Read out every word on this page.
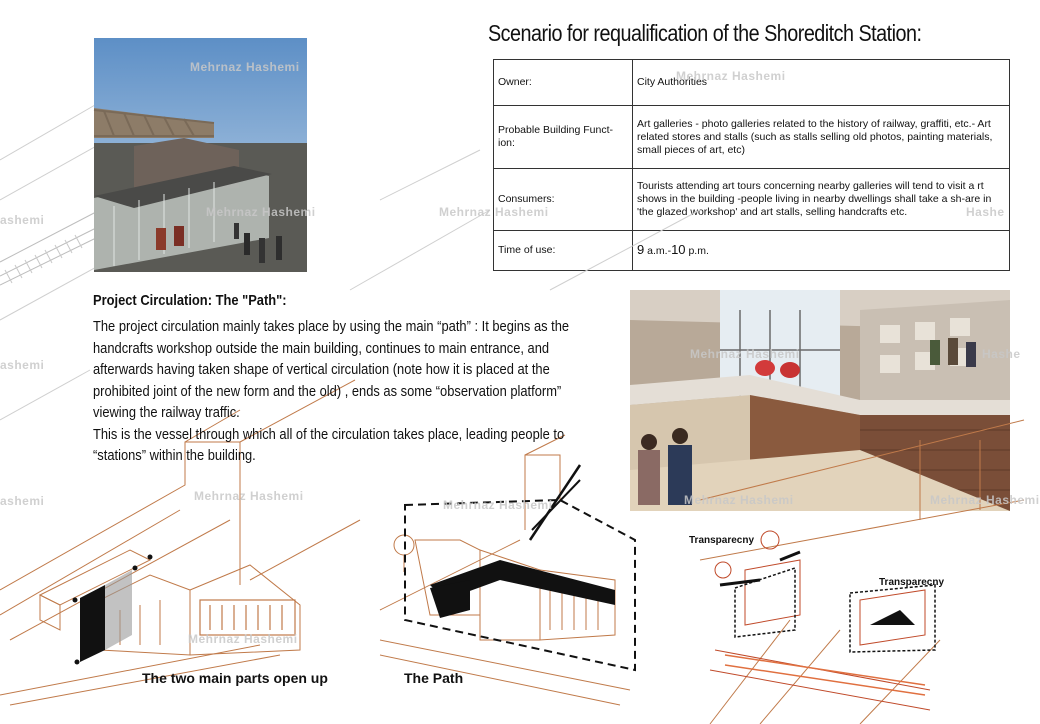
Scenario for requalification of the Shoreditch Station:
Owner:	City Authorities
Probable Building Funct-ion:	Art galleries - photo galleries related to the history of railway, graffiti, etc.- Art related stores and stalls (such as stalls selling old photos, painting materials, small pieces of art, etc)
Consumers:	Tourists attending art tours concerning nearby galleries will tend to visit a rt shows in the building -people living in nearby dwellings shall take a sh-are in 'the glazed workshop' and art stalls, selling handcrafts etc.
Time of use:	9 a.m.-10 p.m.
Project Circulation: The "Path":

The project circulation mainly takes place by using the main “path” : It begins as the handcrafts workshop outside the main building, continues to main entrance, and afterwards having taken shape of vertical circulation (note how it is placed at the prohibited joint of the new form and the old) , ends as some “observation platform” viewing the railway traffic.

This is the vessel through which all of the circulation takes place, leading people to “stations” within the building.

The two main parts open up	The Path
Transparecny
Transparecny
Mehrnaz Hashemi
Mehrnaz Hashemi
Mehrnaz Hashemi	Mehrnaz Hashemi	Hashe
ashemi
ashemi
Mehrnaz Hashemi	Hashe
ashemi	Mehrnaz Hashemi
Mehrnaz Hashemi	Mehrnaz Hashemi	Mehrnaz Hashemi
Mehrnaz Hashemi
